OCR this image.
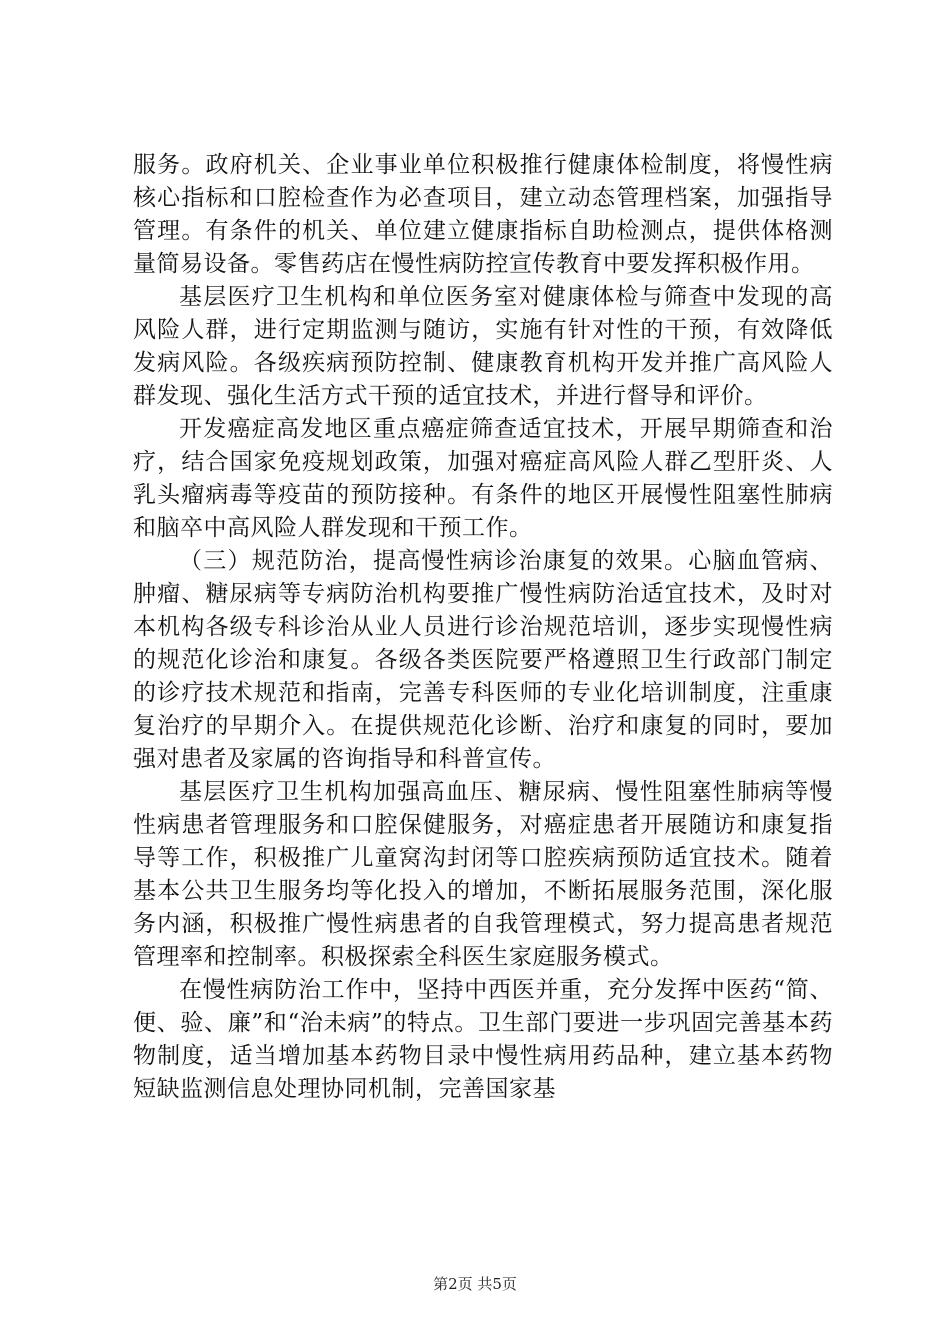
服务。政府机关、企业事业单位积极推行健康体检制度，将慢性病核心指标和口腔检查作为必查项目，建立动态管理档案，加强指导管理。有条件的机关、单位建立健康指标自助检测点，提供体格测量简易设备。零售药店在慢性病防控宣传教育中要发挥积极作用。

基层医疗卫生机构和单位医务室对健康体检与筛查中发现的高风险人群，进行定期监测与随访，实施有针对性的干预，有效降低发病风险。各级疾病预防控制、健康教育机构开发并推广高风险人群发现、强化生活方式干预的适宜技术，并进行督导和评价。

开发癌症高发地区重点癌症筛查适宜技术，开展早期筛查和治疗，结合国家免疫规划政策，加强对癌症高风险人群乙型肝炎、人乳头瘤病毒等疫苗的预防接种。有条件的地区开展慢性阻塞性肺病和脑卒中高风险人群发现和干预工作。

（三）规范防治，提高慢性病诊治康复的效果。心脑血管病、肿瘤、糖尿病等专病防治机构要推广慢性病防治适宜技术，及时对本机构各级专科诊治从业人员进行诊治规范培训，逐步实现慢性病的规范化诊治和康复。各级各类医院要严格遵照卫生行政部门制定的诊疗技术规范和指南，完善专科医师的专业化培训制度，注重康复治疗的早期介入。在提供规范化诊断、治疗和康复的同时，要加强对患者及家属的咨询指导和科普宣传。

基层医疗卫生机构加强高血压、糖尿病、慢性阻塞性肺病等慢性病患者管理服务和口腔保健服务，对癌症患者开展随访和康复指导等工作，积极推广儿童窝沟封闭等口腔疾病预防适宜技术。随着基本公共卫生服务均等化投入的增加，不断拓展服务范围，深化服务内涵，积极推广慢性病患者的自我管理模式，努力提高患者规范管理率和控制率。积极探索全科医生家庭服务模式。

在慢性病防治工作中，坚持中西医并重，充分发挥中医药“简、便、验、廉”和“治未病”的特点。卫生部门要进一步巩固完善基本药物制度，适当增加基本药物目录中慢性病用药品种，建立基本药物短缺监测信息处理协同机制，完善国家基

第2页 共5页
